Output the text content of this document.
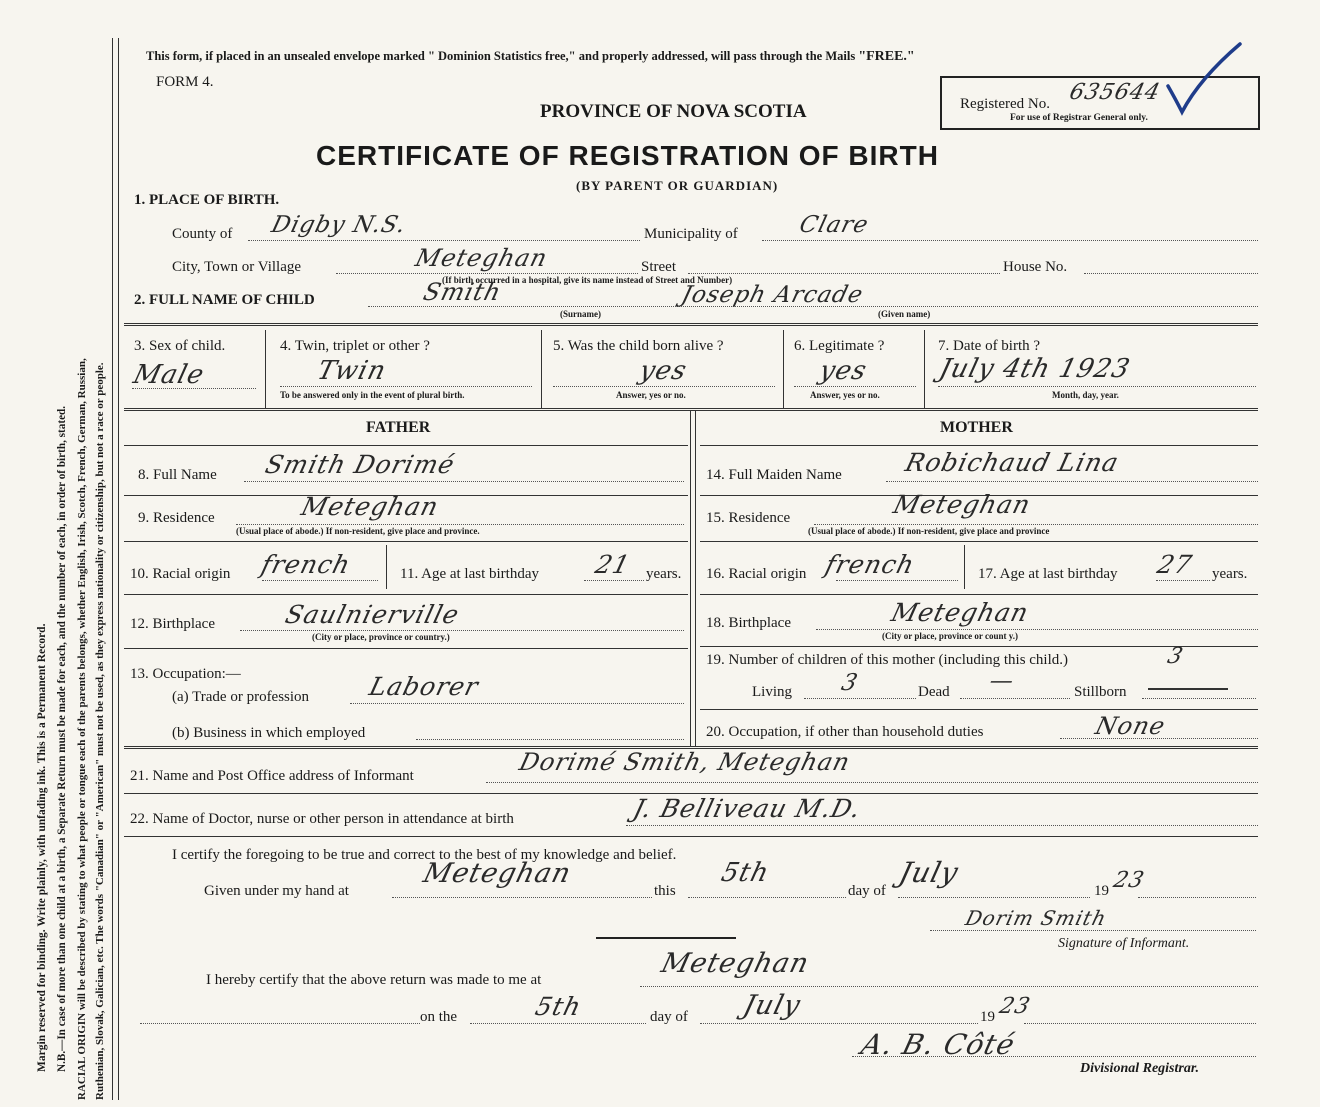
Margin reserved for binding. Write plainly, with unfading ink. This is a Permanent Record. N.B.—In case of more than one child at a birth, a Separate Return must be made for each, and the number of each, in order of birth, stated. RACIAL ORIGIN will be described by stating to what people or tongue each of the parents belongs, whether English, Irish, Scotch, French, German, Russian, Ruthenian, Slovak, Galician, etc. The words "Canadian" or "American" must not be used, as they express nationality or citizenship, but not a race or people.
This form, if placed in an unsealed envelope marked " Dominion Statistics free," and properly addressed, will pass through the Mails "FREE."
FORM 4.
PROVINCE OF NOVA SCOTIA
CERTIFICATE OF REGISTRATION OF BIRTH
(BY PARENT OR GUARDIAN)
Registered No. 635644
For use of Registrar General only.
1. PLACE OF BIRTH.
County of Digby N.S.	Municipality of	Clare
City, Town or Village	Meteghan	Street	House No.
(If birth occurred in a hospital, give its name instead of Street and Number)
2. FULL NAME OF CHILD	Smith	Joseph Arcade
(Surname)	(Given name)
3. Sex of child.
Male
4. Twin, triplet or other ?
Twin
To be answered only in the event of plural birth.
5. Was the child born alive ?
yes
Answer, yes or no.
6. Legitimate ?
yes
Answer, yes or no.
7. Date of birth ?
July 4th 1923
Month, day, year.
FATHER	MOTHER
8. Full Name Smith Dorimé
9. Residence	Meteghan
(Usual place of abode.) If non-resident, give place and province.
10. Racial origin french	11. Age at last birthday 21 years.
12. Birthplace	Saulnierville
(City or place, province or country.)
13. Occupation:—
(a) Trade or profession Laborer
(b) Business in which employed
14. Full Maiden Name Robichaud Lina
15. Residence	Meteghan
(Usual place of abode.) If non-resident, give place and province
16. Racial origin french	17. Age at last birthday 27 years.
18. Birthplace	Meteghan
(City or place, province or count y.)
19. Number of children of this mother (including this child.)	3
Living 3	Dead —	Stillborn
20. Occupation, if other than household duties	None
21. Name and Post Office address of Informant	Dorimé Smith, Meteghan
22. Name of Doctor, nurse or other person in attendance at birth	J. Belliveau M.D.
I certify the foregoing to be true and correct to the best of my knowledge and belief.
Given under my hand at
Meteghan
this
5th
day of
July
19 23
Dorim Smith
Signature of Informant.
I hereby certify that the above return was made to me at
Meteghan
on the	5th	day of July	19 23
A. B. Côté
Divisional Registrar.
